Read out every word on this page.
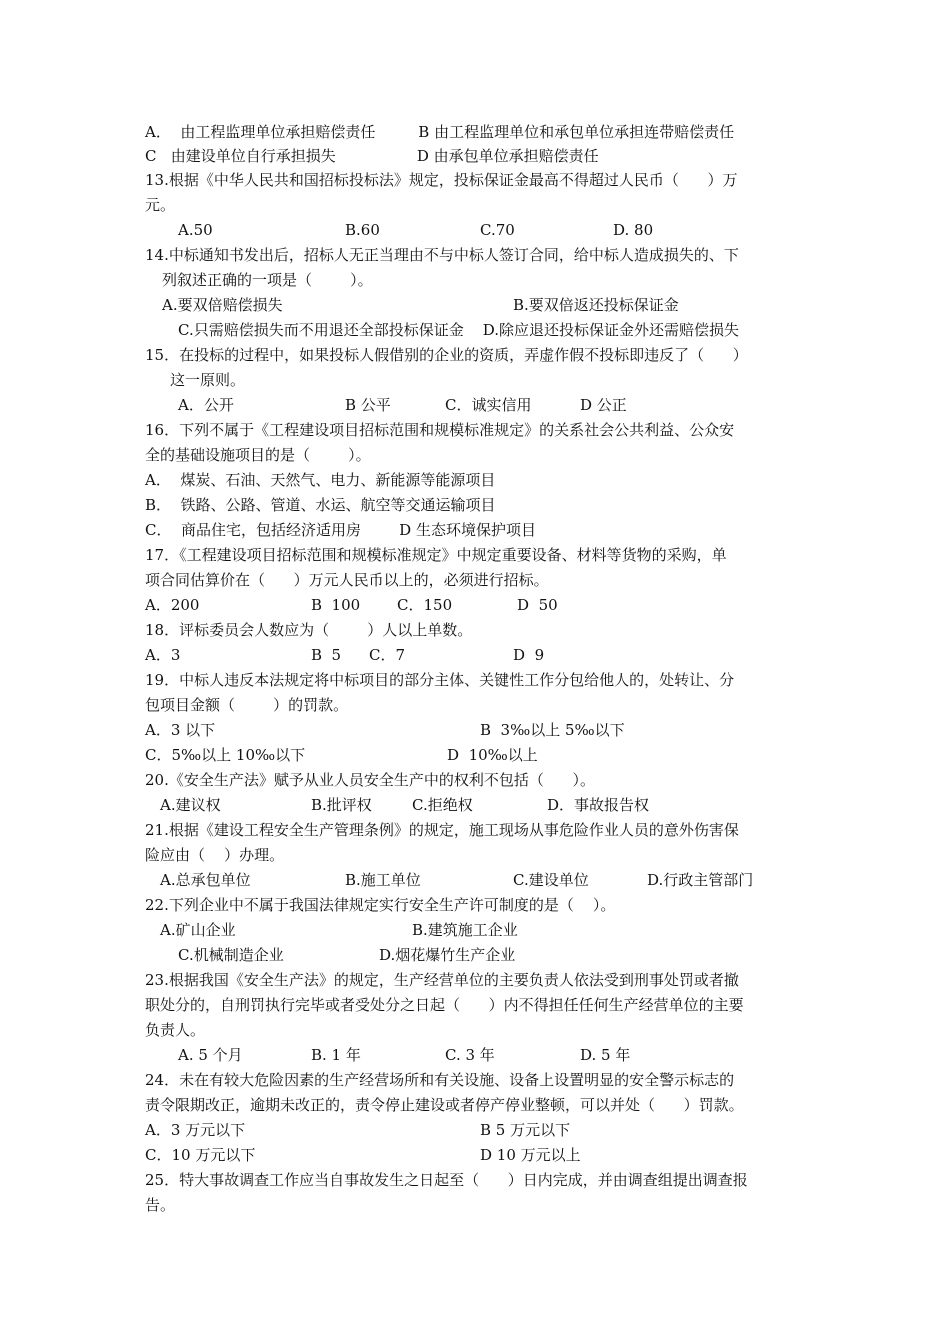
A．  由工程监理单位承担赔偿责任         B 由工程监理单位和承包单位承担连带赔偿责任
C   由建设单位自行承担损失                 D 由承包单位承担赔偿责任
13.根据《中华人民共和国招标投标法》规定，投标保证金最高不得超过人民币（      ）万
元。
A.50	B.60	C.70	D. 80
14.中标通知书发出后，招标人无正当理由不与中标人签订合同，给中标人造成损失的、下
列叙述正确的一项是（        ）。
A.要双倍赔偿损失	B.要双倍返还投标保证金
C.只需赔偿损失而不用退还全部投标保证金    D.除应退还投标保证金外还需赔偿损失
15．在投标的过程中，如果投标人假借别的企业的资质，弄虚作假不投标即违反了（      ）
这一原则。
A．公开	B 公平	C．诚实信用	D 公正
16．下列不属于《工程建设项目招标范围和规模标准规定》的关系社会公共利益、公众安
全的基础设施项目的是（        ）。
A．  煤炭、石油、天然气、电力、新能源等能源项目
B．  铁路、公路、管道、水运、航空等交通运输项目
C．  商品住宅，包括经济适用房        D 生态环境保护项目
17．《工程建设项目招标范围和规模标准规定》中规定重要设备、材料等货物的采购，单
项合同估算价在（      ）万元人民币以上的，必须进行招标。
A．200	B  100 C．150	D  50
18．评标委员会人数应为（        ）人以上单数。
A．3	B  5 C．7	D  9
19．中标人违反本法规定将中标项目的部分主体、关键性工作分包给他人的，处转让、分
包项目金额（        ）的罚款。
A．3 以下	B  3‰以上 5‰以下
C．5‰以上 10‰以下	D  10‰以上
20.《安全生产法》赋予从业人员安全生产中的权利不包括（      ）。
A.建议权	B.批评权	C.拒绝权	D．事故报告权
21.根据《建设工程安全生产管理条例》的规定，施工现场从事危险作业人员的意外伤害保
险应由（    ）办理。
A.总承包单位	B.施工单位	C.建设单位	D.行政主管部门
22.下列企业中不属于我国法律规定实行安全生产许可制度的是（    ）。
A.矿山企业	B.建筑施工企业
C.机械制造企业	D.烟花爆竹生产企业
23.根据我国《安全生产法》的规定，生产经营单位的主要负责人依法受到刑事处罚或者撤
职处分的，自刑罚执行完毕或者受处分之日起（      ）内不得担任任何生产经营单位的主要
负责人。
A. 5 个月	B. 1 年	C. 3 年	D. 5 年
24．未在有较大危险因素的生产经营场所和有关设施、设备上设置明显的安全警示标志的
责令限期改正，逾期未改正的，责令停止建设或者停产停业整顿，可以并处（      ）罚款。
A．3 万元以下	B 5 万元以下
C．10 万元以下	D 10 万元以上
25．特大事故调查工作应当自事故发生之日起至（      ）日内完成，并由调查组提出调查报
告。
